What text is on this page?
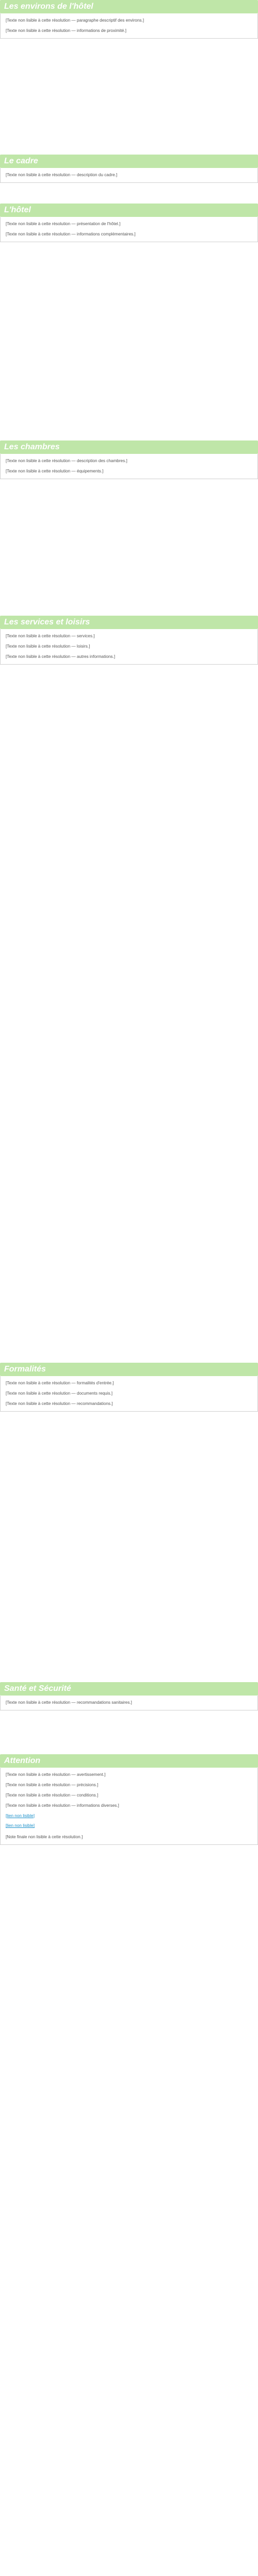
Les environs de l'hôtel

[Texte non lisible à cette résolution — paragraphe descriptif des environs.]

[Texte non lisible à cette résolution — informations de proximité.]

Le cadre

[Texte non lisible à cette résolution — description du cadre.]

L'hôtel

[Texte non lisible à cette résolution — présentation de l'hôtel.]

[Texte non lisible à cette résolution — informations complémentaires.]

Les chambres

[Texte non lisible à cette résolution — description des chambres.]

[Texte non lisible à cette résolution — équipements.]

Les services et loisirs

[Texte non lisible à cette résolution — services.]

[Texte non lisible à cette résolution — loisirs.]

[Texte non lisible à cette résolution — autres informations.]

Formalités

[Texte non lisible à cette résolution — formalités d'entrée.]

[Texte non lisible à cette résolution — documents requis.]

[Texte non lisible à cette résolution — recommandations.]

Santé et Sécurité

[Texte non lisible à cette résolution — recommandations sanitaires.]

Attention

[Texte non lisible à cette résolution — avertissement.]

[Texte non lisible à cette résolution — précisions.]

[Texte non lisible à cette résolution — conditions.]

[Texte non lisible à cette résolution — informations diverses.]

[lien non lisible]
[lien non lisible]
[Note finale non lisible à cette résolution.]
